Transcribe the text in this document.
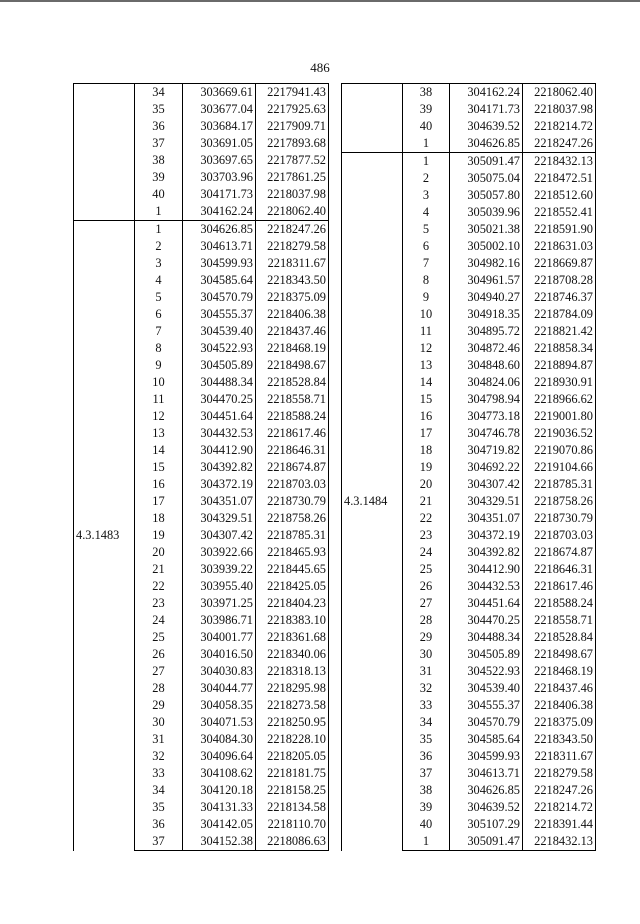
486
	34	303669.61	2217941.43
	35	303677.04	2217925.63
	36	303684.17	2217909.71
	37	303691.05	2217893.68
	38	303697.65	2217877.52
	39	303703.96	2217861.25
	40	304171.73	2218037.98
	1	304162.24	2218062.40
4.3.1483	1	304626.85	2218247.26
	2	304613.71	2218279.58
	3	304599.93	2218311.67
	4	304585.64	2218343.50
	5	304570.79	2218375.09
	6	304555.37	2218406.38
	7	304539.40	2218437.46
	8	304522.93	2218468.19
	9	304505.89	2218498.67
	10	304488.34	2218528.84
	11	304470.25	2218558.71
	12	304451.64	2218588.24
	13	304432.53	2218617.46
	14	304412.90	2218646.31
	15	304392.82	2218674.87
	16	304372.19	2218703.03
	17	304351.07	2218730.79
	18	304329.51	2218758.26
	19	304307.42	2218785.31
	20	303922.66	2218465.93
	21	303939.22	2218445.65
	22	303955.40	2218425.05
	23	303971.25	2218404.23
	24	303986.71	2218383.10
	25	304001.77	2218361.68
	26	304016.50	2218340.06
	27	304030.83	2218318.13
	28	304044.77	2218295.98
	29	304058.35	2218273.58
	30	304071.53	2218250.95
	31	304084.30	2218228.10
	32	304096.64	2218205.05
	33	304108.62	2218181.75
	34	304120.18	2218158.25
	35	304131.33	2218134.58
	36	304142.05	2218110.70
	37	304152.38	2218086.63
	38	304162.24	2218062.40
	39	304171.73	2218037.98
	40	304639.52	2218214.72
	1	304626.85	2218247.26
4.3.1484	1	305091.47	2218432.13
	2	305075.04	2218472.51
	3	305057.80	2218512.60
	4	305039.96	2218552.41
	5	305021.38	2218591.90
	6	305002.10	2218631.03
	7	304982.16	2218669.87
	8	304961.57	2218708.28
	9	304940.27	2218746.37
	10	304918.35	2218784.09
	11	304895.72	2218821.42
	12	304872.46	2218858.34
	13	304848.60	2218894.87
	14	304824.06	2218930.91
	15	304798.94	2218966.62
	16	304773.18	2219001.80
	17	304746.78	2219036.52
	18	304719.82	2219070.86
	19	304692.22	2219104.66
	20	304307.42	2218785.31
	21	304329.51	2218758.26
	22	304351.07	2218730.79
	23	304372.19	2218703.03
	24	304392.82	2218674.87
	25	304412.90	2218646.31
	26	304432.53	2218617.46
	27	304451.64	2218588.24
	28	304470.25	2218558.71
	29	304488.34	2218528.84
	30	304505.89	2218498.67
	31	304522.93	2218468.19
	32	304539.40	2218437.46
	33	304555.37	2218406.38
	34	304570.79	2218375.09
	35	304585.64	2218343.50
	36	304599.93	2218311.67
	37	304613.71	2218279.58
	38	304626.85	2218247.26
	39	304639.52	2218214.72
	40	305107.29	2218391.44
	1	305091.47	2218432.13
